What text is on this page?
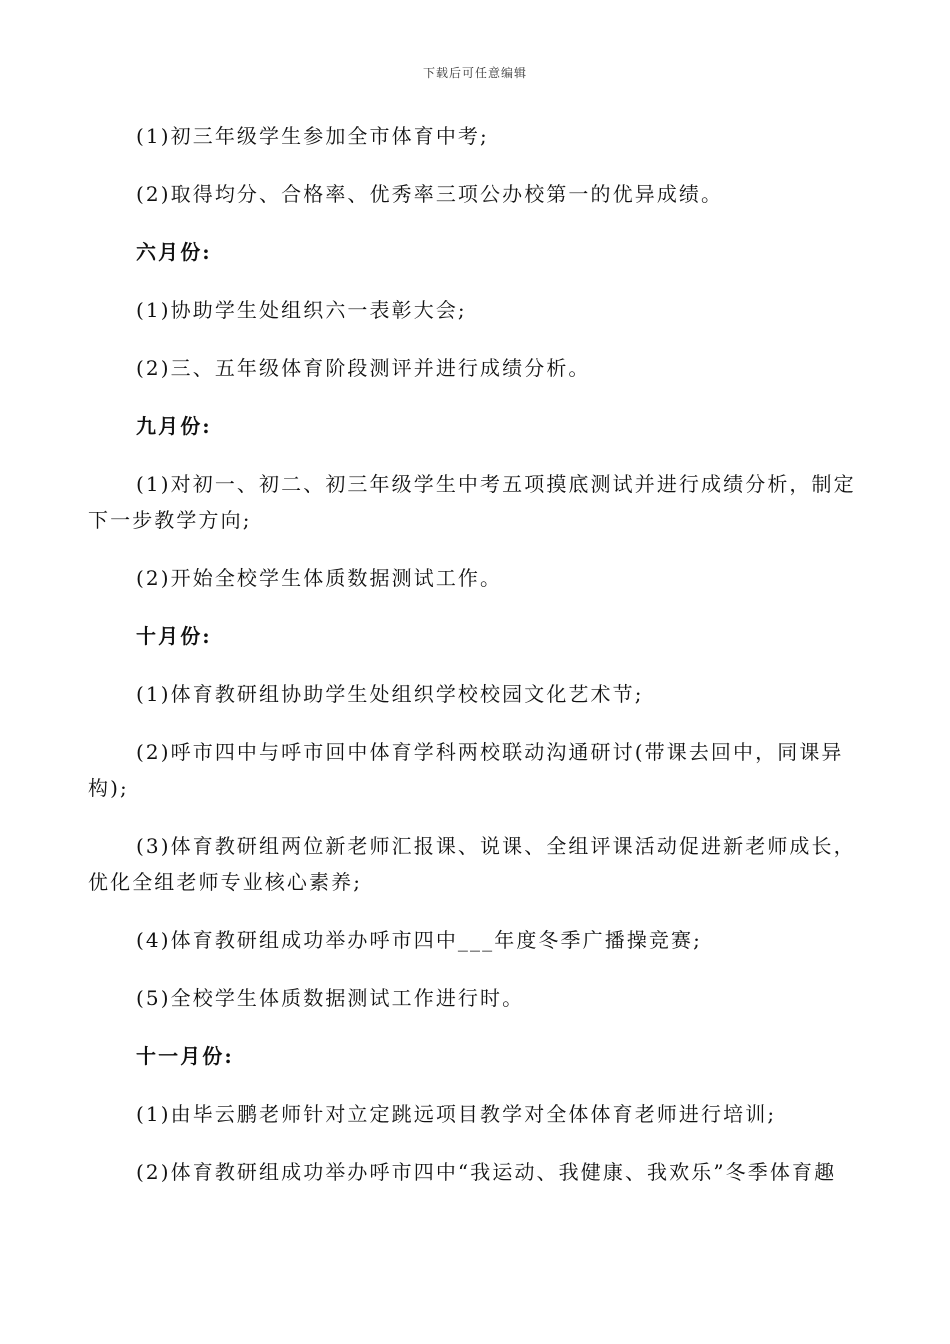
下载后可任意编辑

(1)初三年级学生参加全市体育中考;

(2)取得均分、合格率、优秀率三项公办校第一的优异成绩。

六月份:

(1)协助学生处组织六一表彰大会;

(2)三、五年级体育阶段测评并进行成绩分析。

九月份:

(1)对初一、初二、初三年级学生中考五项摸底测试并进行成绩分析，制定下一步教学方向;

(2)开始全校学生体质数据测试工作。

十月份:

(1)体育教研组协助学生处组织学校校园文化艺术节;

(2)呼市四中与呼市回中体育学科两校联动沟通研讨(带课去回中，同课异构);

(3)体育教研组两位新老师汇报课、说课、全组评课活动促进新老师成长，优化全组老师专业核心素养;

(4)体育教研组成功举办呼市四中___年度冬季广播操竞赛;

(5)全校学生体质数据测试工作进行时。

十一月份:

(1)由毕云鹏老师针对立定跳远项目教学对全体体育老师进行培训;

(2)体育教研组成功举办呼市四中“我运动、我健康、我欢乐”冬季体育趣
